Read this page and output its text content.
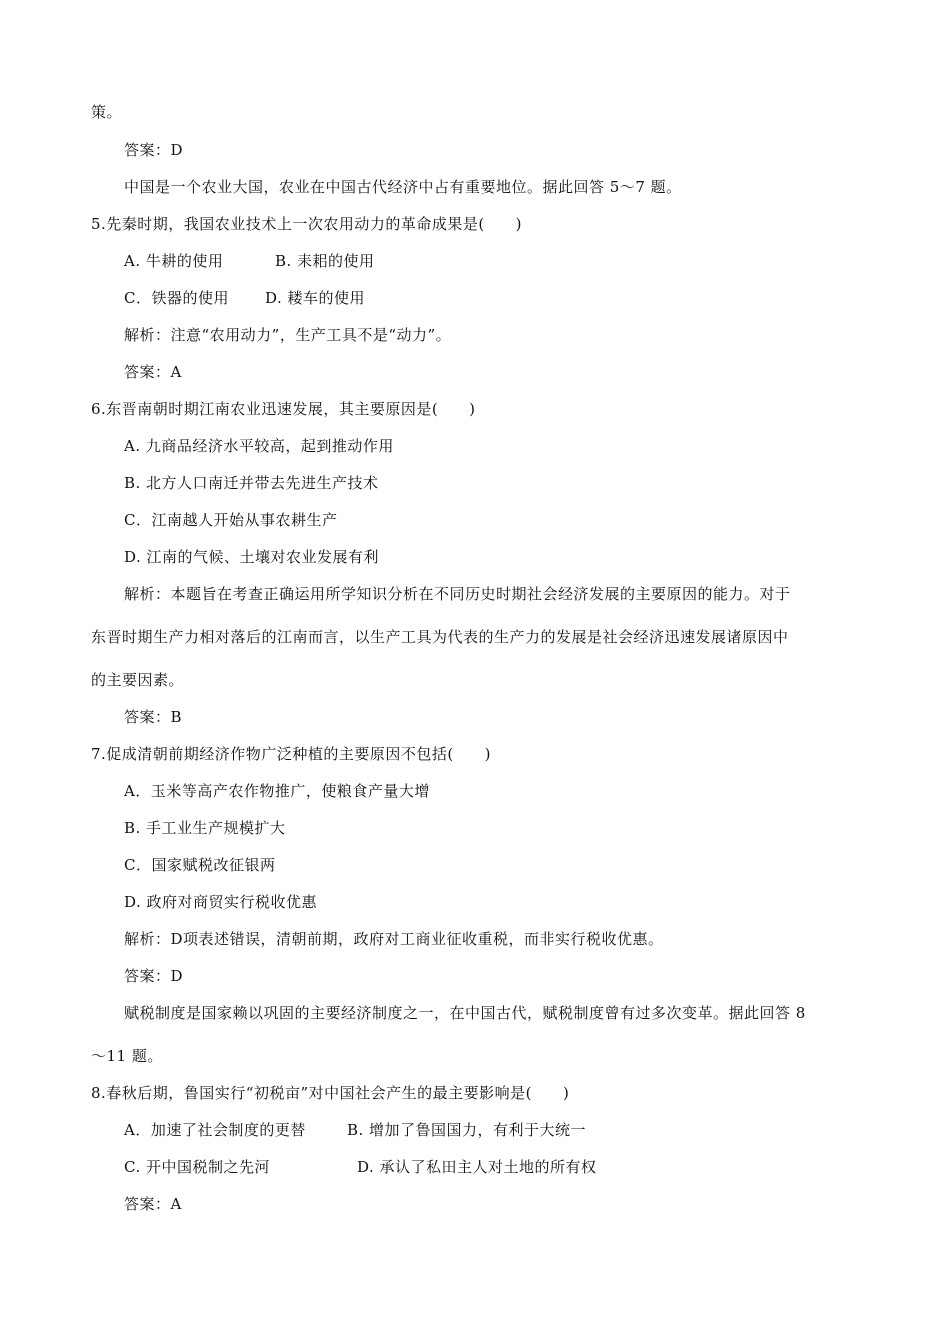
策。
答案：D
中国是一个农业大国，农业在中国古代经济中占有重要地位。据此回答 5～7 题。
5.先秦时期，我国农业技术上一次农用动力的革命成果是(　　)
A. 牛耕的使用	B. 耒耜的使用
C．铁器的使用 D. 耧车的使用
解析：注意“农用动力”，生产工具不是“动力”。
答案：A
6.东晋南朝时期江南农业迅速发展，其主要原因是(　　)
A. 九商品经济水平较高，起到推动作用
B. 北方人口南迁并带去先进生产技术
C．江南越人开始从事农耕生产
D. 江南的气候、土壤对农业发展有利
解析：本题旨在考查正确运用所学知识分析在不同历史时期社会经济发展的主要原因的能力。对于
东晋时期生产力相对落后的江南而言，以生产工具为代表的生产力的发展是社会经济迅速发展诸原因中
的主要因素。
答案：B
7.促成清朝前期经济作物广泛种植的主要原因不包括(　　)
A．玉米等高产农作物推广，使粮食产量大增
B. 手工业生产规模扩大
C．国家赋税改征银两
D. 政府对商贸实行税收优惠
解析：D项表述错误，清朝前期，政府对工商业征收重税，而非实行税收优惠。
答案：D
赋税制度是国家赖以巩固的主要经济制度之一，在中国古代，赋税制度曾有过多次变革。据此回答 8
～11 题。
8.春秋后期，鲁国实行“初税亩”对中国社会产生的最主要影响是(　　)
A．加速了社会制度的更替	B. 增加了鲁国国力，有利于大统一
C. 开中国税制之先河	D. 承认了私田主人对土地的所有权
答案：A
